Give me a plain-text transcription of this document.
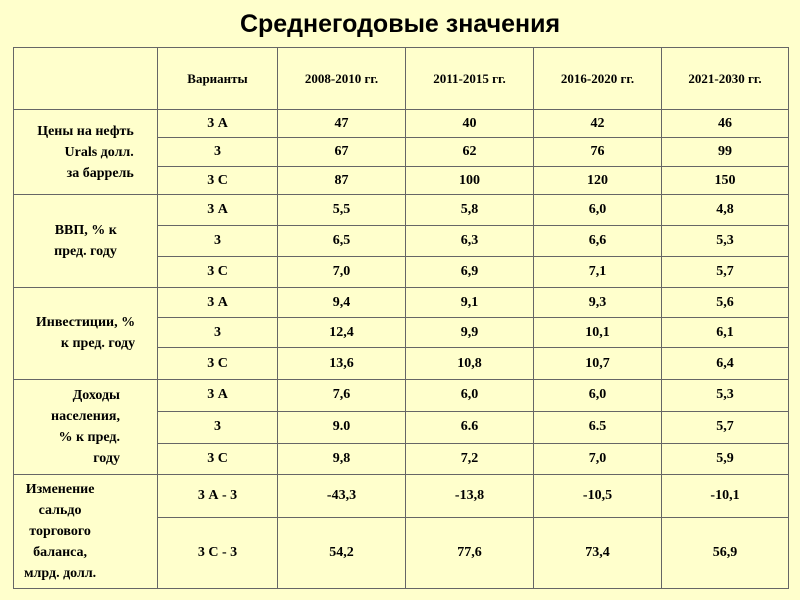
Среднегодовые значения
	Варианты	2008-2010 гг.	2011-2015 гг.	2016-2020 гг.	2021-2030 гг.
Цены на нефть
Urals долл.
за баррель	3 А	47	40	42	46
	3	67	62	76	99
	3 С	87	100	120	150
ВВП, % к
пред. году	3 А	5,5	5,8	6,0	4,8
	3	6,5	6,3	6,6	5,3
	3 С	7,0	6,9	7,1	5,7
Инвестиции, %
к пред. году	3 А	9,4	9,1	9,3	5,6
	3	12,4	9,9	10,1	6,1
	3 С	13,6	10,8	10,7	6,4
Доходы
населения,
% к пред.
году	3 А	7,6	6,0	6,0	5,3
	3	9.0	6.6	6.5	5,7
	3 С	9,8	7,2	7,0	5,9
Изменение
сальдо
торгового
баланса,
млрд. долл.	3 А - 3	-43,3	-13,8	-10,5	-10,1
	3 С - 3	54,2	77,6	73,4	56,9
